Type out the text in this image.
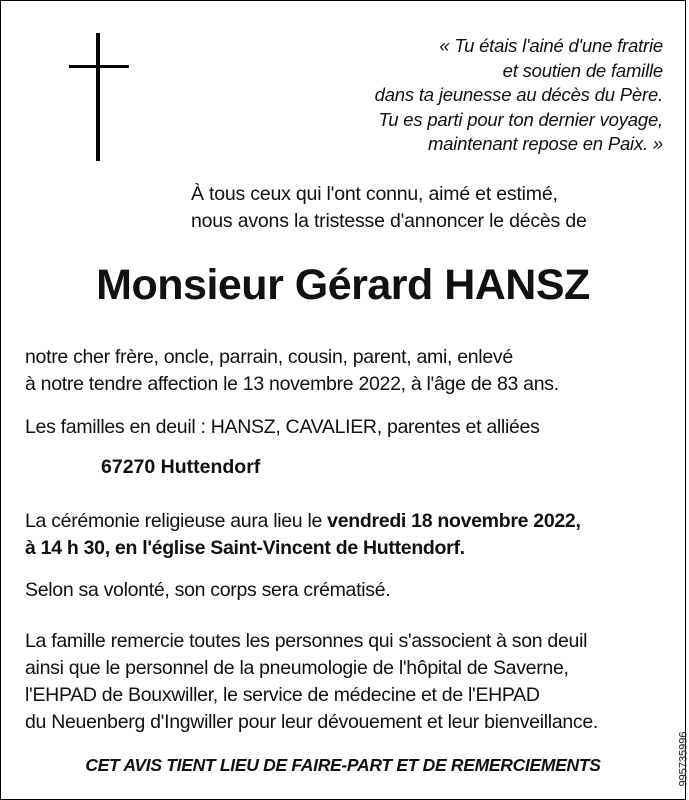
« Tu étais l'ainé d'une fratrie
et soutien de famille
dans ta jeunesse au décès du Père.
Tu es parti pour ton dernier voyage,
maintenant repose en Paix. »
À tous ceux qui l'ont connu, aimé et estimé,
nous avons la tristesse d'annoncer le décès de
Monsieur Gérard HANSZ
notre cher frère, oncle, parrain, cousin, parent, ami, enlevé
à notre tendre affection le 13 novembre 2022, à l'âge de 83 ans.
Les familles en deuil : HANSZ, CAVALIER, parentes et alliées
67270 Huttendorf
La cérémonie religieuse aura lieu le vendredi 18 novembre 2022,
à 14 h 30, en l'église Saint-Vincent de Huttendorf.
Selon sa volonté, son corps sera crématisé.
La famille remercie toutes les personnes qui s'associent à son deuil
ainsi que le personnel de la pneumologie de l'hôpital de Saverne,
l'EHPAD de Bouxwiller, le service de médecine et de l'EHPAD
du Neuenberg d'Ingwiller pour leur dévouement et leur bienveillance.
CET AVIS TIENT LIEU DE FAIRE-PART ET DE REMERCIEMENTS	995735996
